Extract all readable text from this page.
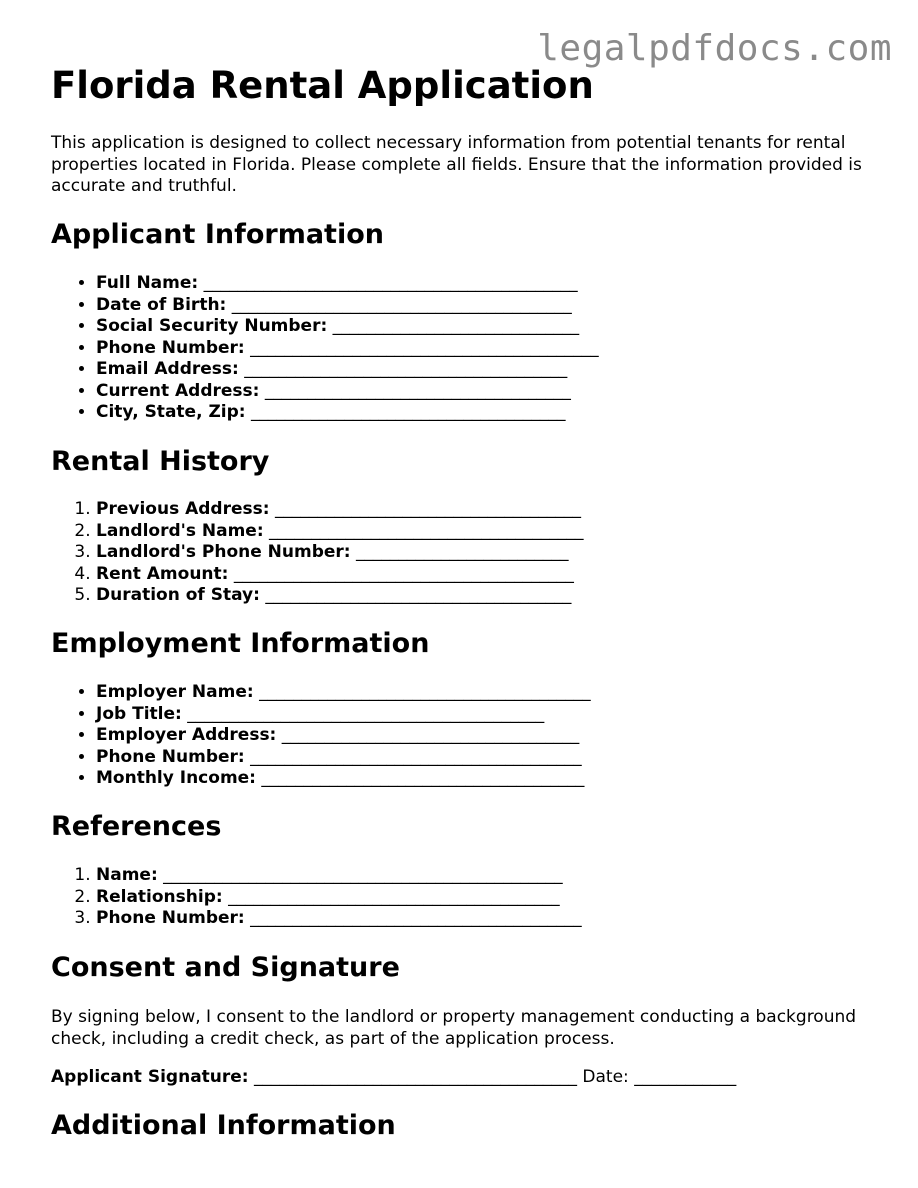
legalpdfdocs.com
Florida Rental Application

This application is designed to collect necessary information from potential tenants for rental properties located in Florida. Please complete all fields. Ensure that the information provided is accurate and truthful.

Applicant Information
• Full Name: ____________________________________________
• Date of Birth: ________________________________________
• Social Security Number: _____________________________
• Phone Number: _________________________________________
• Email Address: ______________________________________
• Current Address: ____________________________________
• City, State, Zip: _____________________________________
Rental History
1. Previous Address: ____________________________________
2. Landlord's Name: _____________________________________
3. Landlord's Phone Number: _________________________
4. Rent Amount: ________________________________________
5. Duration of Stay: ____________________________________
Employment Information
• Employer Name: _______________________________________
• Job Title: __________________________________________
• Employer Address: ___________________________________
• Phone Number: _______________________________________
• Monthly Income: ______________________________________
References
1. Name: _______________________________________________
2. Relationship: _______________________________________
3. Phone Number: _______________________________________
Consent and Signature

By signing below, I consent to the landlord or property management conducting a background check, including a credit check, as part of the application process.

Applicant Signature: ______________________________________ Date: ____________
Additional Information
